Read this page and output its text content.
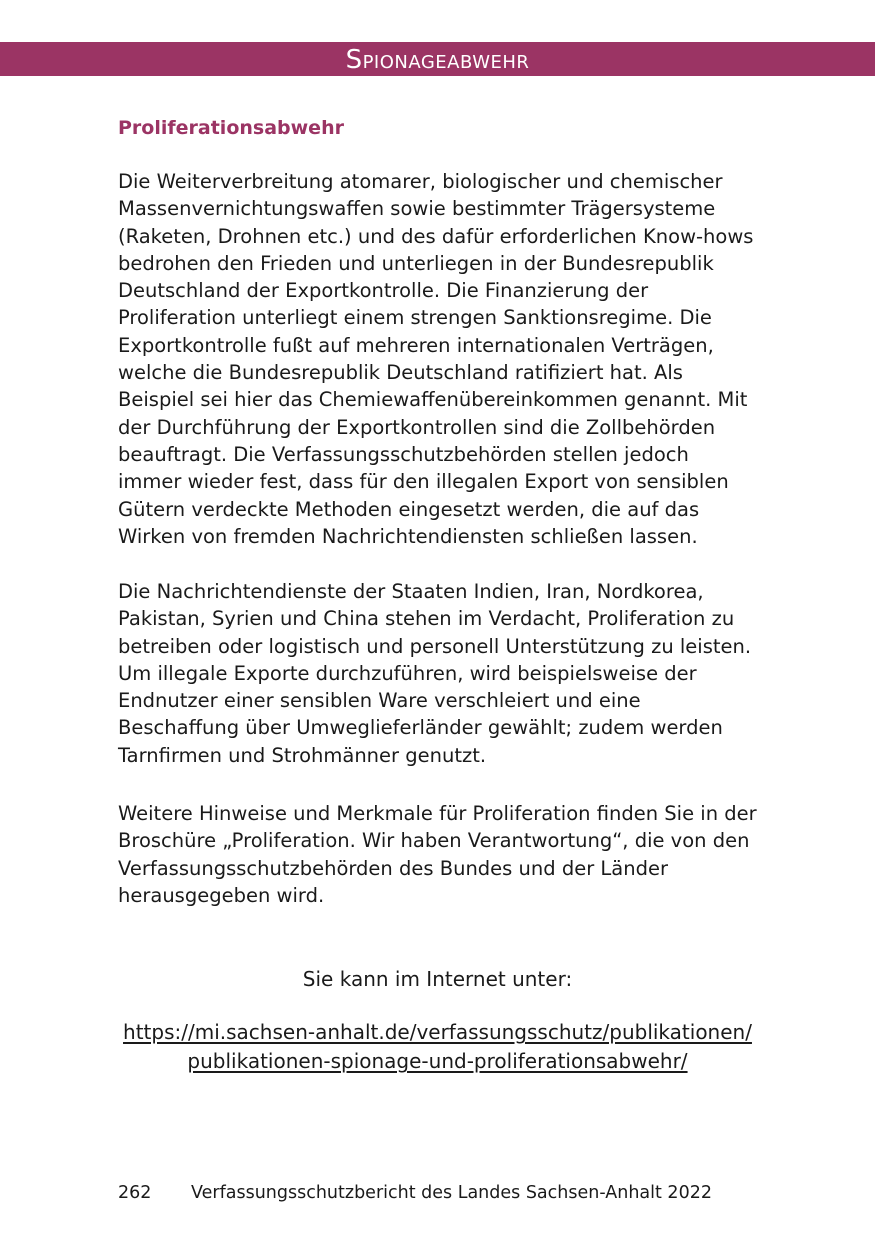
Spionageabwehr
Proliferationsabwehr

Die Weiterverbreitung atomarer, biologischer und chemischer Massenvernichtungswaffen sowie bestimmter Trägersysteme (Raketen, Drohnen etc.) und des dafür erforderlichen Know-hows bedrohen den Frieden und unterliegen in der Bundesrepublik Deutschland der Exportkontrolle. Die Finanzierung der Proliferation unterliegt einem strengen Sanktionsregime. Die Exportkontrolle fußt auf mehreren internationalen Verträgen, welche die Bundesrepublik Deutschland ratifiziert hat. Als Beispiel sei hier das Chemiewaffenübereinkommen genannt. Mit der Durchführung der Exportkontrollen sind die Zollbehörden beauftragt. Die Verfassungsschutzbehörden stellen jedoch immer wieder fest, dass für den illegalen Export von sensiblen Gütern verdeckte Methoden eingesetzt werden, die auf das Wirken von fremden Nachrichtendiensten schließen lassen.

Die Nachrichtendienste der Staaten Indien, Iran, Nordkorea, Pakistan, Syrien und China stehen im Verdacht, Proliferation zu betreiben oder logistisch und personell Unterstützung zu leisten. Um illegale Exporte durchzuführen, wird beispielsweise der Endnutzer einer sensiblen Ware verschleiert und eine Beschaffung über Umweglieferländer gewählt; zudem werden Tarnfirmen und Strohmänner genutzt.

Weitere Hinweise und Merkmale für Proliferation finden Sie in der Broschüre „Proliferation. Wir haben Verantwortung“, die von den Verfassungsschutzbehörden des Bundes und der Länder herausgegeben wird.

Sie kann im Internet unter:

https://mi.sachsen-anhalt.de/verfassungsschutz/publikationen/
publikationen-spionage-und-proliferationsabwehr/

262 Verfassungsschutzbericht des Landes Sachsen-Anhalt 2022
